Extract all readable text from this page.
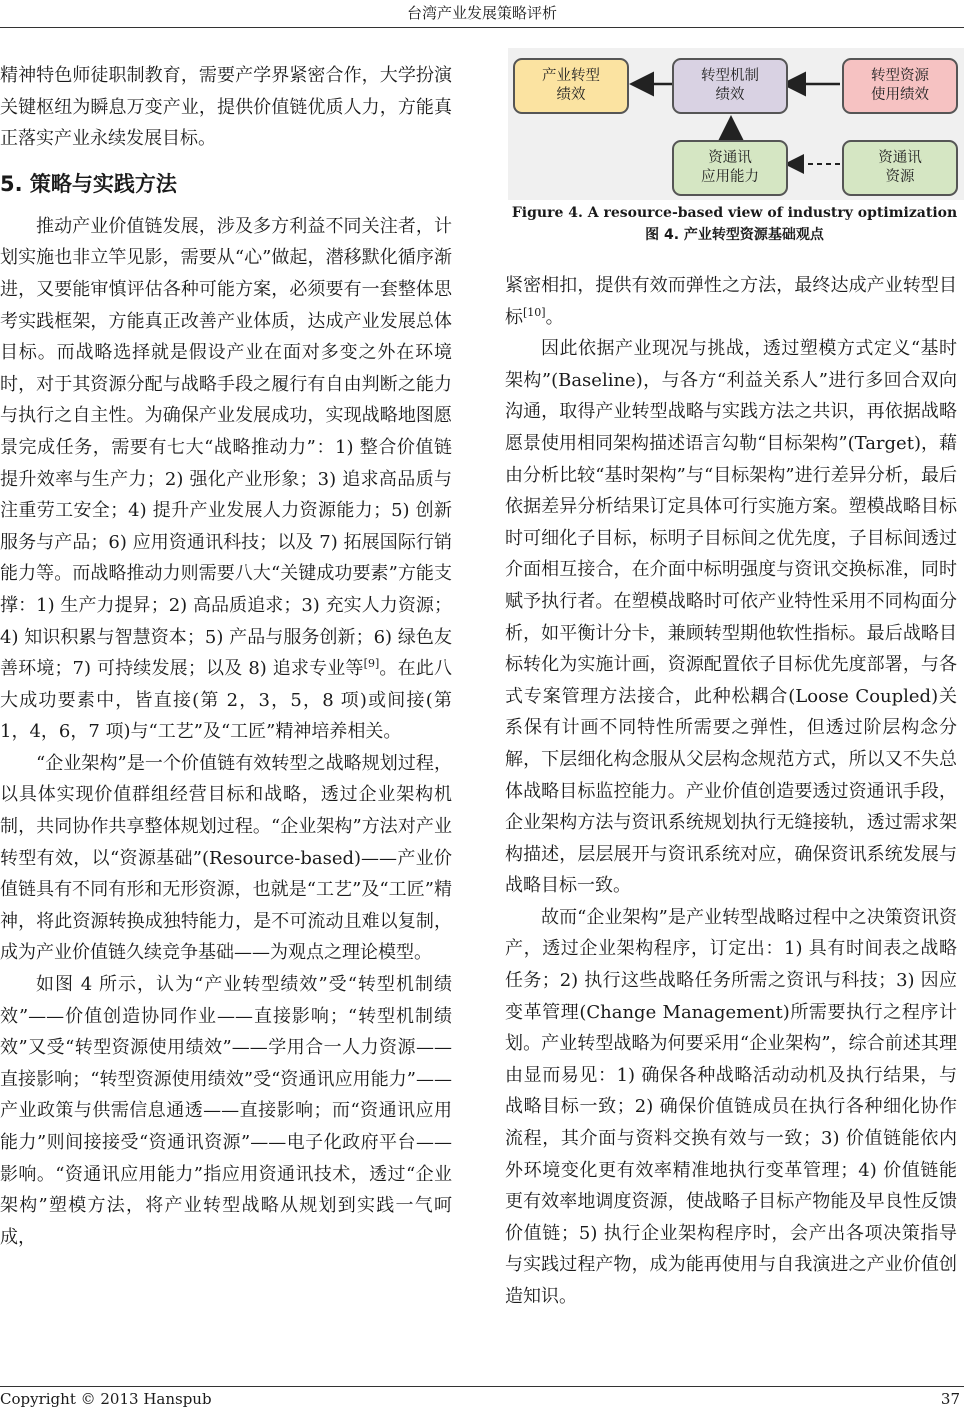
台湾产业发展策略评析

精神特色师徒职制教育，需要产学界紧密合作，大学扮演关键枢纽为瞬息万变产业，提供价值链优质人力，方能真正落实产业永续发展目标。

5. 策略与实践方法

推动产业价值链发展，涉及多方利益不同关注者，计划实施也非立竿见影，需要从“心”做起，潜移默化循序渐进，又要能审慎评估各种可能方案，必须要有一套整体思考实践框架，方能真正改善产业体质，达成产业发展总体目标。而战略选择就是假设产业在面对多变之外在环境时，对于其资源分配与战略手段之履行有自由判断之能力与执行之自主性。为确保产业发展成功，实现战略地图愿景完成任务，需要有七大“战略推动力”：1) 整合价值链提升效率与生产力；2) 强化产业形象；3) 追求高品质与注重劳工安全；4) 提升产业发展人力资源能力；5) 创新服务与产品；6) 应用资通讯科技；以及 7) 拓展国际行销能力等。而战略推动力则需要八大“关键成功要素”方能支撑：1) 生产力提昇；2) 高品质追求；3) 充实人力资源；4) 知识积累与智慧资本；5) 产品与服务创新；6) 绿色友善环境；7) 可持续发展；以及 8) 追求专业等[9]。在此八大成功要素中，皆直接(第 2，3，5，8 项)或间接(第 1，4，6，7 项)与“工艺”及“工匠”精神培养相关。

“企业架构”是一个价值链有效转型之战略规划过程，以具体实现价值群组经营目标和战略，透过企业架构机制，共同协作共享整体规划过程。“企业架构”方法对产业转型有效，以“资源基础”(Resource-based)——产业价值链具有不同有形和无形资源，也就是“工艺”及“工匠”精神，将此资源转换成独特能力，是不可流动且难以复制，成为产业价值链久续竞争基础——为观点之理论模型。

如图 4 所示，认为“产业转型绩效”受“转型机制绩效”——价值创造协同作业——直接影响；“转型机制绩效”又受“转型资源使用绩效”——学用合一人力资源——直接影响；“转型资源使用绩效”受“资通讯应用能力”——产业政策与供需信息通透——直接影响；而“资通讯应用能力”则间接接受“资通讯资源”——电子化政府平台——影响。“资通讯应用能力”指应用资通讯技术，透过“企业架构”塑模方法，将产业转型战略从规划到实践一气呵成，

产业转型
绩效
转型机制
绩效
转型资源
使用绩效
资通讯
应用能力
资通讯
资源
Figure 4. A resource-based view of industry optimization
图 4. 产业转型资源基础观点

紧密相扣，提供有效而弹性之方法，最终达成产业转型目标[10]。

因此依据产业现况与挑战，透过塑模方式定义“基时架构”(Baseline)，与各方“利益关系人”进行多回合双向沟通，取得产业转型战略与实践方法之共识，再依据战略愿景使用相同架构描述语言勾勒“目标架构”(Target)，藉由分析比较“基时架构”与“目标架构”进行差异分析，最后依据差异分析结果订定具体可行实施方案。塑模战略目标时可细化子目标，标明子目标间之优先度，子目标间透过介面相互接合，在介面中标明强度与资讯交换标准，同时赋予执行者。在塑模战略时可依产业特性采用不同构面分析，如平衡计分卡，兼顾转型期他软性指标。最后战略目标转化为实施计画，资源配置依子目标优先度部署，与各式专案管理方法接合，此种松耦合(Loose Coupled)关系保有计画不同特性所需要之弹性，但透过阶层构念分解，下层细化构念服从父层构念规范方式，所以又不失总体战略目标监控能力。产业价值创造要透过资通讯手段，企业架构方法与资讯系统规划执行无缝接轨，透过需求架构描述，层层展开与资讯系统对应，确保资讯系统发展与战略目标一致。

故而“企业架构”是产业转型战略过程中之决策资讯资产，透过企业架构程序，订定出：1) 具有时间表之战略任务；2) 执行这些战略任务所需之资讯与科技；3) 因应变革管理(Change Management)所需要执行之程序计划。产业转型战略为何要采用“企业架构”，综合前述其理由显而易见：1) 确保各种战略活动动机及执行结果，与战略目标一致；2) 确保价值链成员在执行各种细化协作流程，其介面与资料交换有效与一致；3) 价值链能依内外环境变化更有效率精准地执行变革管理；4) 价值链能更有效率地调度资源，使战略子目标产物能及早良性反馈价值链；5) 执行企业架构程序时，会产出各项决策指导与实践过程产物，成为能再使用与自我演进之产业价值创造知识。

Copyright © 2013 Hanspub	37
